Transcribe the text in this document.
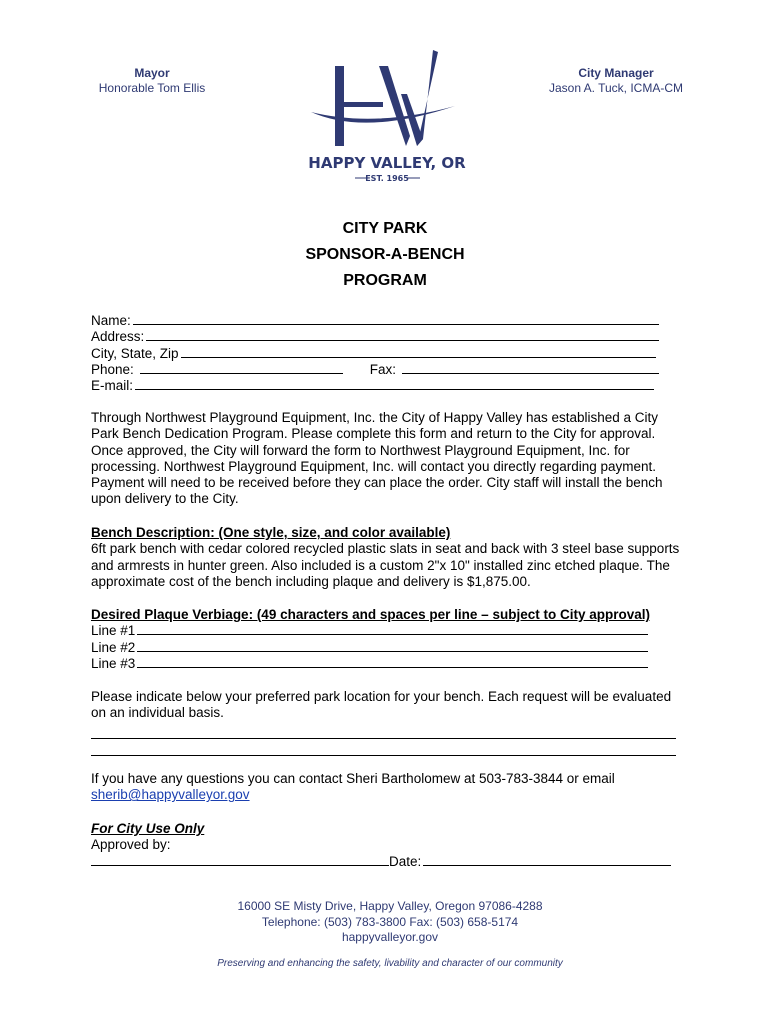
Mayor
Honorable Tom Ellis
HAPPY VALLEY, OR
EST. 1965
City Manager
Jason A. Tuck, ICMA-CM
CITY PARK
SPONSOR-A-BENCH
PROGRAM
Name:
Address:
City, State, Zip
Phone:	Fax:
E-mail:
Through Northwest Playground Equipment, Inc. the City of Happy Valley has established a City Park Bench Dedication Program. Please complete this form and return to the City for approval. Once approved, the City will forward the form to Northwest Playground Equipment, Inc. for processing. Northwest Playground Equipment, Inc. will contact you directly regarding payment. Payment will need to be received before they can place the order. City staff will install the bench upon delivery to the City.
Bench Description: (One style, size, and color available)
6ft park bench with cedar colored recycled plastic slats in seat and back with 3 steel base supports and armrests in hunter green. Also included is a custom 2"x 10" installed zinc etched plaque. The approximate cost of the bench including plaque and delivery is $1,875.00.
Desired Plaque Verbiage: (49 characters and spaces per line – subject to City approval)
Line #1
Line #2
Line #3
Please indicate below your preferred park location for your bench. Each request will be evaluated on an individual basis.
If you have any questions you can contact Sheri Bartholomew at 503-783-3844 or email
sherib@happyvalleyor.gov
For City Use Only
Approved by:
Date:
16000 SE Misty Drive, Happy Valley, Oregon 97086-4288
Telephone: (503) 783-3800 Fax: (503) 658-5174
happyvalleyor.gov
Preserving and enhancing the safety, livability and character of our community
